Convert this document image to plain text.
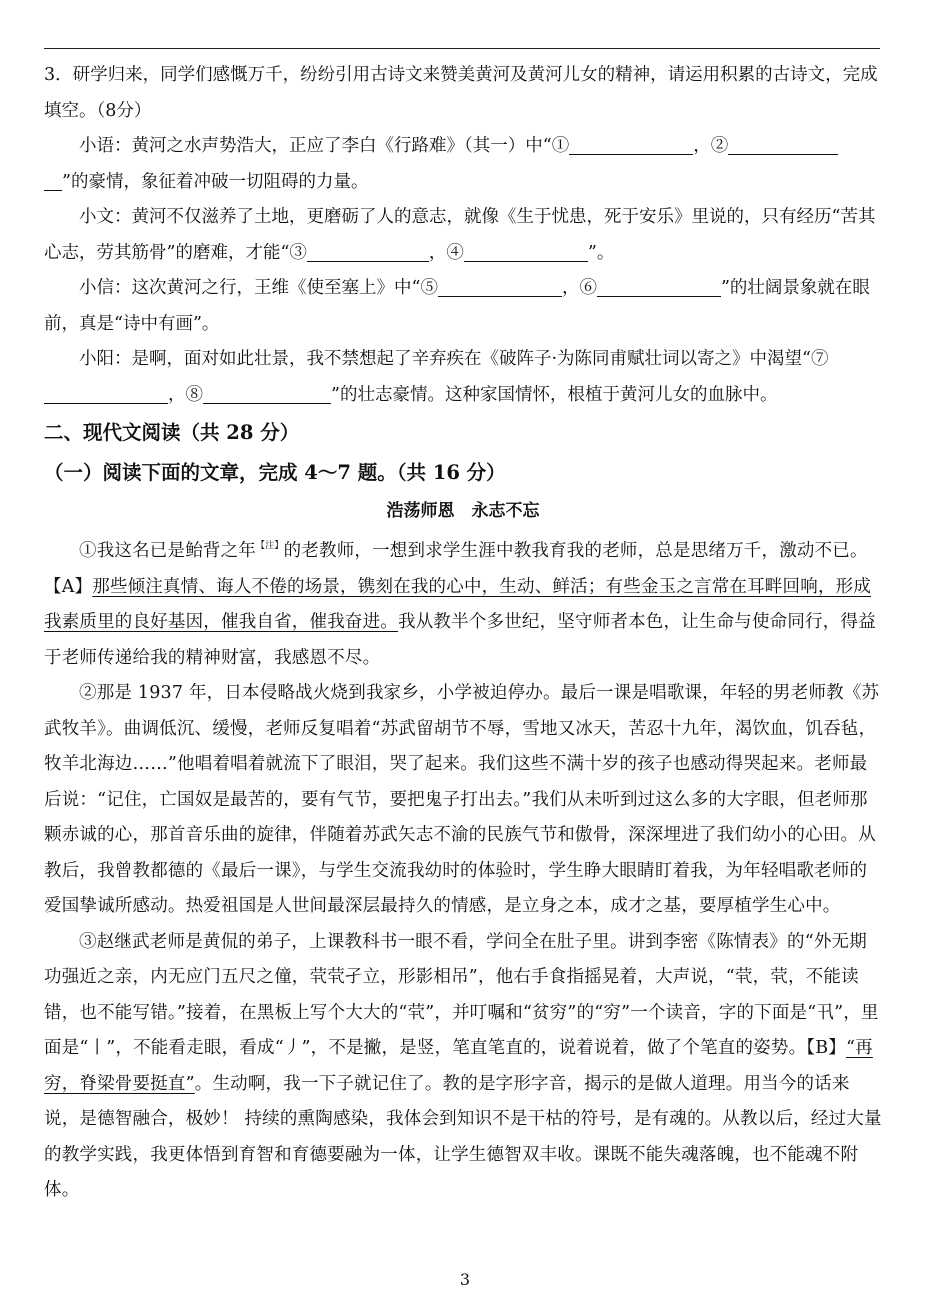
3．研学归来，同学们感慨万千，纷纷引用古诗文来赞美黄河及黄河儿女的精神，请运用积累的古诗文，完成填空。（8分）

小语：黄河之水声势浩大，正应了李白《行路难》（其一）中“①	，②
”的豪情，象征着冲破一切阻碍的力量。

小文：黄河不仅滋养了土地，更磨砺了人的意志，就像《生于忧患，死于安乐》里说的，只有经历“苦其心志，劳其筋骨”的磨难，才能“③	，④	”。

小信：这次黄河之行，王维《使至塞上》中“⑤	，⑥	”的壮阔景象就在眼前，真是“诗中有画”。

小阳：是啊，面对如此壮景，我不禁想起了辛弃疾在《破阵子·为陈同甫赋壮词以寄之》中渴望“⑦，⑧	”的壮志豪情。这种家国情怀，根植于黄河儿女的血脉中。

二、现代文阅读（共 28 分）

（一）阅读下面的文章，完成 4～7 题。（共 16 分）

浩荡师恩　永志不忘

①我这名已是鲐背之年$^{【注】}$的老教师，一想到求学生涯中教我育我的老师，总是思绪万千，激动不已。【A】那些倾注真情、诲人不倦的场景，镌刻在我的心中，生动、鲜活；有些金玉之言常在耳畔回响，形成我素质里的良好基因，催我自省，催我奋进。我从教半个多世纪，坚守师者本色，让生命与使命同行，得益于老师传递给我的精神财富，我感恩不尽。

②那是 1937 年，日本侵略战火烧到我家乡，小学被迫停办。最后一课是唱歌课，年轻的男老师教《苏武牧羊》。曲调低沉、缓慢，老师反复唱着“苏武留胡节不辱，雪地又冰天，苦忍十九年，渴饮血，饥吞毡，牧羊北海边……”他唱着唱着就流下了眼泪，哭了起来。我们这些不满十岁的孩子也感动得哭起来。老师最后说：“记住，亡国奴是最苦的，要有气节，要把鬼子打出去。”我们从未听到过这么多的大字眼，但老师那颗赤诚的心，那首音乐曲的旋律，伴随着苏武矢志不渝的民族气节和傲骨，深深埋进了我们幼小的心田。从教后，我曾教都德的《最后一课》，与学生交流我幼时的体验时，学生睁大眼睛盯着我，为年轻唱歌老师的爱国挚诚所感动。热爱祖国是人世间最深层最持久的情感，是立身之本，成才之基，要厚植学生心中。

③赵继武老师是黄侃的弟子，上课教科书一眼不看，学问全在肚子里。讲到李密《陈情表》的“外无期功强近之亲，内无应门五尺之僮，茕茕孑立，形影相吊”，他右手食指摇晃着，大声说，“茕，茕，不能读错，也不能写错。”接着，在黑板上写个大大的“茕”，并叮嘱和“贫穷”的“穷”一个读音，字的下面是“卂”，里面是“丨”，不能看走眼，看成“丿”，不是撇，是竖，笔直笔直的，说着说着，做了个笔直的姿势。【B】“再穷，脊梁骨要挺直”。生动啊，我一下子就记住了。教的是字形字音，揭示的是做人道理。用当今的话来说，是德智融合，极妙！ 持续的熏陶感染，我体会到知识不是干枯的符号，是有魂的。从教以后，经过大量的教学实践，我更体悟到育智和育德要融为一体，让学生德智双丰收。课既不能失魂落魄，也不能魂不附体。

3
